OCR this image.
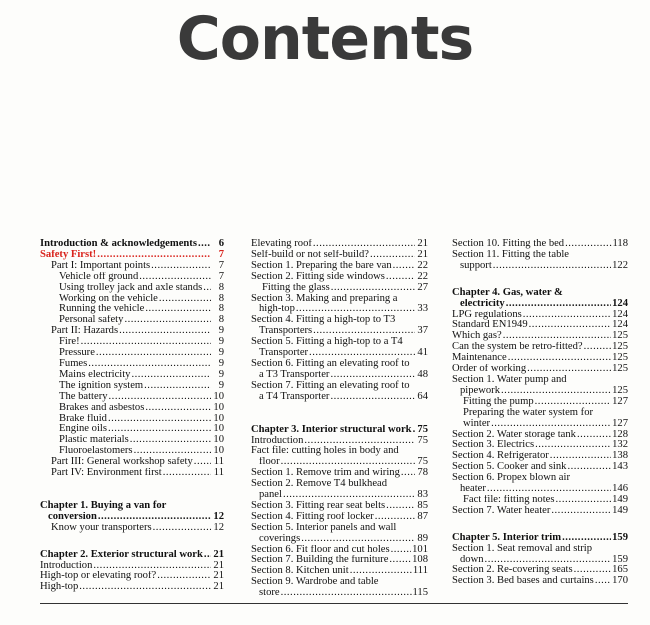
Contents
Introduction & acknowledgements .....	6
Safety First! .....	7
Part I: Important points .....	7
Vehicle off ground .....	7
Using trolley jack and axle stands .....	8
Working on the vehicle .....	8
Running the vehicle .....	8
Personal safety .....	8
Part II: Hazards .....	9
Fire! .....	9
Pressure .....	9
Fumes .....	9
Mains electricity .....	9
The ignition system .....	9
The battery .....	10
Brakes and asbestos .....	10
Brake fluid .....	10
Engine oils .....	10
Plastic materials .....	10
Fluoroelastomers .....	10
Part III: General workshop safety ..... 11
Part IV: Environment first .....	11
Chapter 1. Buying a van for
conversion .....	12
Know your transporters .....	12
Chapter 2. Exterior structural work ..... 21
Introduction .....	21
High-top or elevating roof? .....	21
High-top .....	21
Elevating roof .....	21
Self-build or not self-build? .....	21
Section 1. Preparing the bare van ..... 22
Section 2. Fitting side windows .....	22
Fitting the glass .....	27
Section 3. Making and preparing a
high-top .....	33
Section 4. Fitting a high-top to T3
Transporters .....	37
Section 5. Fitting a high-top to a T4
Transporter .....	41
Section 6. Fitting an elevating roof to
a T3 Transporter .....	48
Section 7. Fitting an elevating roof to
a T4 Transporter .....	64
Chapter 3. Interior structural work ..... 75
Introduction .....	75
Fact file: cutting holes in body and
floor .....	75
Section 1. Remove trim and wiring ..... 78
Section 2. Remove T4 bulkhead
panel .....	83
Section 3. Fitting rear seat belts .....	85
Section 4. Fitting roof locker .....	87
Section 5. Interior panels and wall
coverings .....	89
Section 6. Fit floor and cut holes ..... 101
Section 7. Building the furniture ..... 108
Section 8. Kitchen unit .....	111
Section 9. Wardrobe and table
store .....	115
Section 10. Fitting the bed .....	118
Section 11. Fitting the table
support .....	122
Chapter 4. Gas, water &
electricity .....	124
LPG regulations .....	124
Standard EN1949 .....	124
Which gas? .....	125
Can the system be retro-fitted? .....	125
Maintenance .....	125
Order of working .....	125
Section 1. Water pump and
pipework .....	125
Fitting the pump .....	127
Preparing the water system for
winter .....	127
Section 2. Water storage tank .....	128
Section 3. Electrics .....	132
Section 4. Refrigerator .....	138
Section 5. Cooker and sink .....	143
Section 6. Propex blown air
heater .....	146
Fact file: fitting notes .....	149
Section 7. Water heater .....	149
Chapter 5. Interior trim .....	159
Section 1. Seat removal and strip
down .....	159
Section 2. Re-covering seats .....	165
Section 3. Bed bases and curtains ..... 170
